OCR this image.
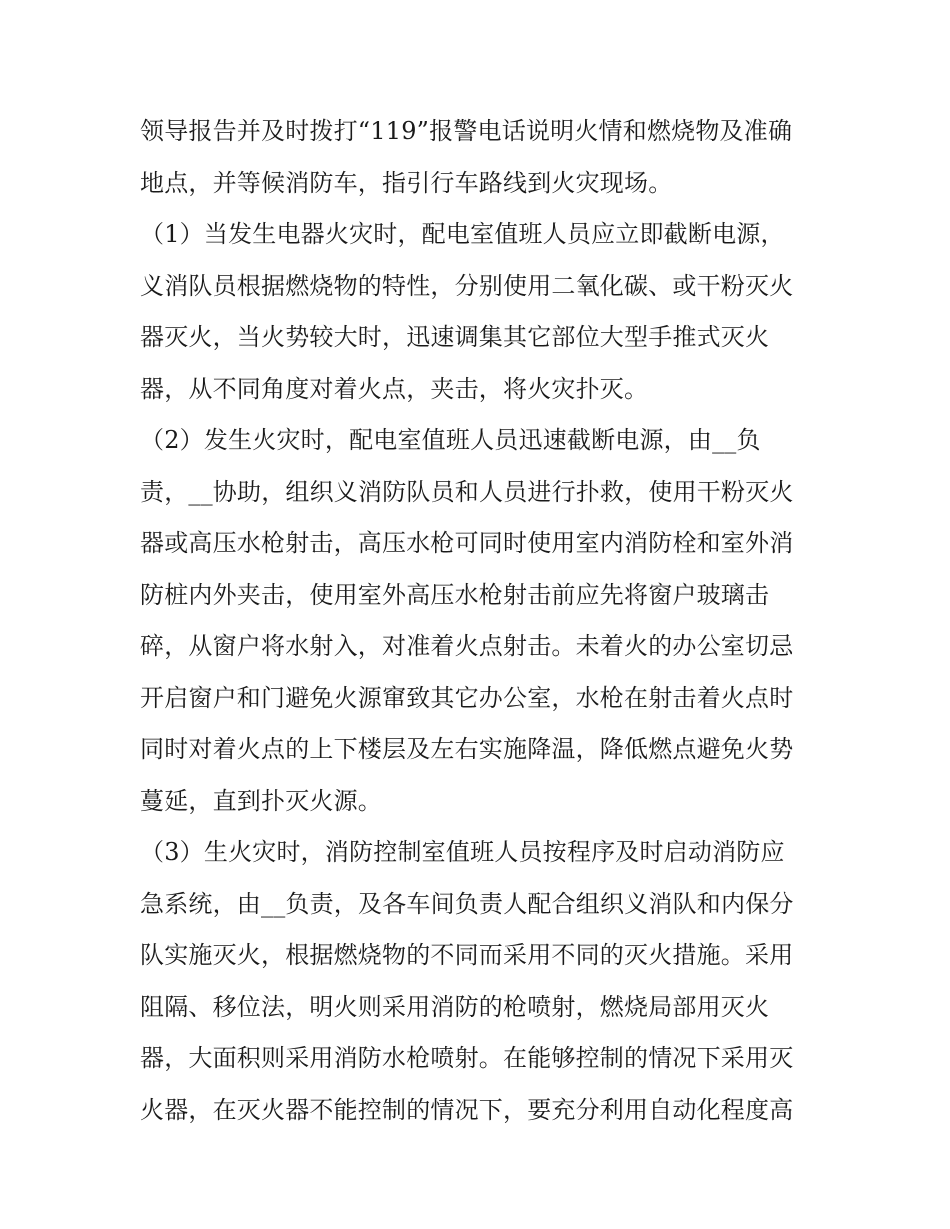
领导报告并及时拨打“119”报警电话说明火情和燃烧物及准确
地点，并等候消防车，指引行车路线到火灾现场。
（1）当发生电器火灾时，配电室值班人员应立即截断电源，
义消队员根据燃烧物的特性，分别使用二氧化碳、或干粉灭火
器灭火，当火势较大时，迅速调集其它部位大型手推式灭火
器，从不同角度对着火点，夹击，将火灾扑灭。
（2）发生火灾时，配电室值班人员迅速截断电源，由__负
责，__协助，组织义消防队员和人员进行扑救，使用干粉灭火
器或高压水枪射击，高压水枪可同时使用室内消防栓和室外消
防桩内外夹击，使用室外高压水枪射击前应先将窗户玻璃击
碎，从窗户将水射入，对准着火点射击。未着火的办公室切忌
开启窗户和门避免火源窜致其它办公室，水枪在射击着火点时
同时对着火点的上下楼层及左右实施降温，降低燃点避免火势
蔓延，直到扑灭火源。
（3）生火灾时，消防控制室值班人员按程序及时启动消防应
急系统，由__负责，及各车间负责人配合组织义消队和内保分
队实施灭火，根据燃烧物的不同而采用不同的灭火措施。采用
阻隔、移位法，明火则采用消防的枪喷射，燃烧局部用灭火
器，大面积则采用消防水枪喷射。在能够控制的情况下采用灭
火器，在灭火器不能控制的情况下，要充分利用自动化程度高
